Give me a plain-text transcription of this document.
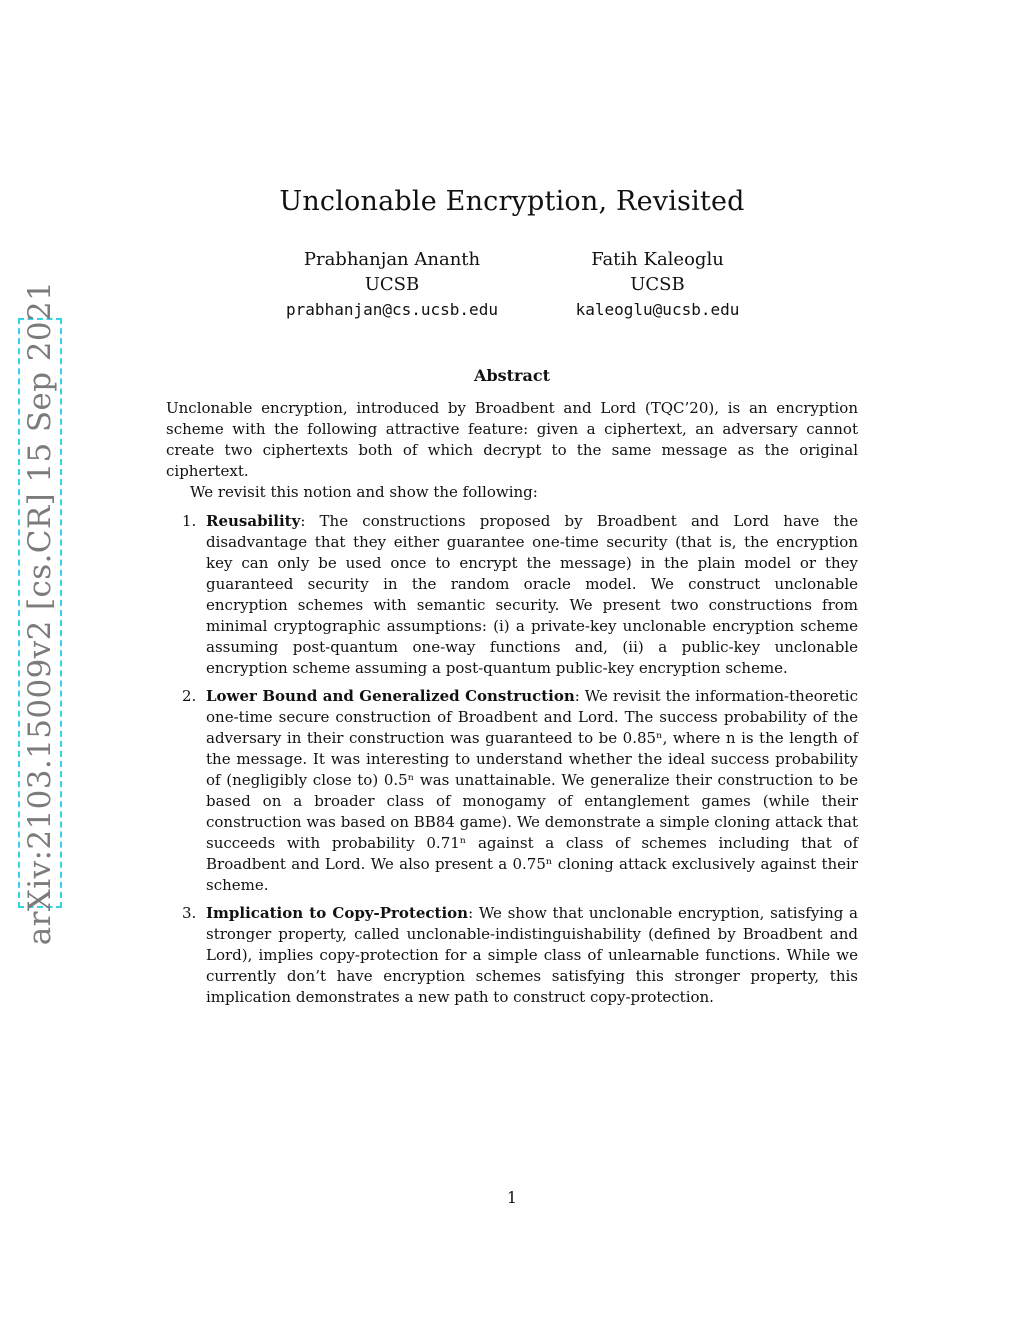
arXiv:2103.15009v2 [cs.CR] 15 Sep 2021
Unclonable Encryption, Revisited
Prabhanjan Ananth
UCSB
prabhanjan@cs.ucsb.edu
Fatih Kaleoglu
UCSB
kaleoglu@ucsb.edu
Abstract

Unclonable encryption, introduced by Broadbent and Lord (TQC’20), is an encryption scheme with the following attractive feature: given a ciphertext, an adversary cannot create two ciphertexts both of which decrypt to the same message as the original ciphertext.

We revisit this notion and show the following:

1. Reusability: The constructions proposed by Broadbent and Lord have the disadvantage that they either guarantee one-time security (that is, the encryption key can only be used once to encrypt the message) in the plain model or they guaranteed security in the random oracle model. We construct unclonable encryption schemes with semantic security. We present two constructions from minimal cryptographic assumptions: (i) a private-key unclonable encryption scheme assuming post-quantum one-way functions and, (ii) a public-key unclonable encryption scheme assuming a post-quantum public-key encryption scheme.
2. Lower Bound and Generalized Construction: We revisit the information-theoretic one-time secure construction of Broadbent and Lord. The success probability of the adversary in their construction was guaranteed to be 0.85ⁿ, where n is the length of the message. It was interesting to understand whether the ideal success probability of (negligibly close to) 0.5ⁿ was unattainable. We generalize their construction to be based on a broader class of monogamy of entanglement games (while their construction was based on BB84 game). We demonstrate a simple cloning attack that succeeds with probability 0.71ⁿ against a class of schemes including that of Broadbent and Lord. We also present a 0.75ⁿ cloning attack exclusively against their scheme.
3. Implication to Copy-Protection: We show that unclonable encryption, satisfying a stronger property, called unclonable-indistinguishability (defined by Broadbent and Lord), implies copy-protection for a simple class of unlearnable functions. While we currently don’t have encryption schemes satisfying this stronger property, this implication demonstrates a new path to construct copy-protection.
1
